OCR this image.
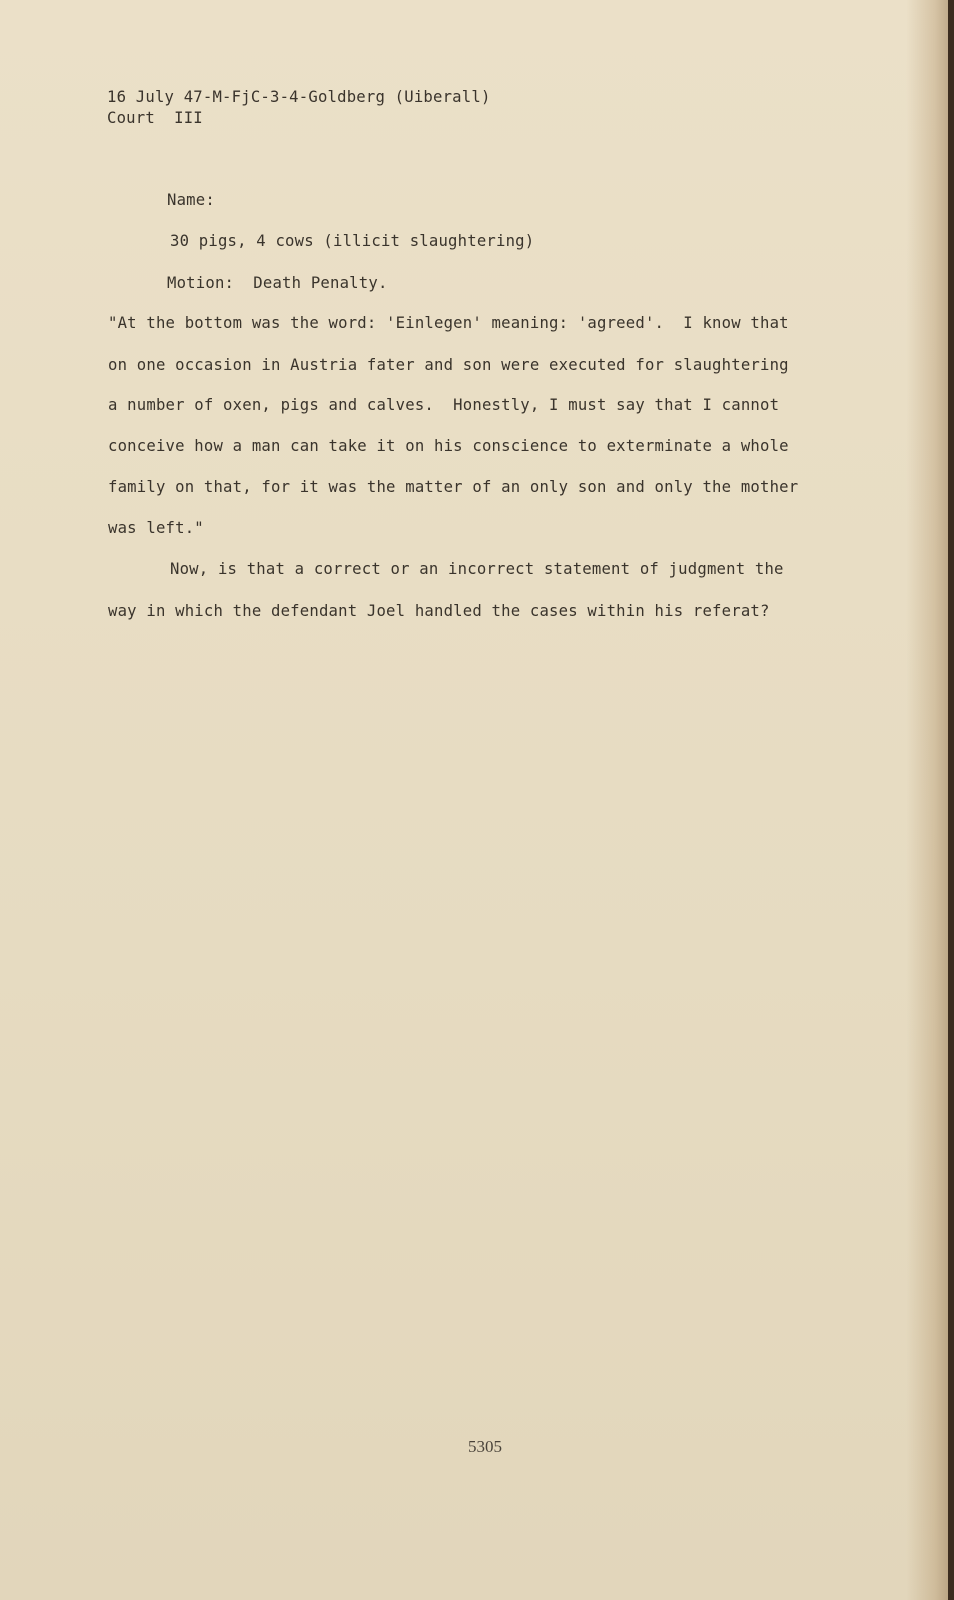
16 July 47-M-FjC-3-4-Goldberg (Uiberall)
Court  III
Name:
30 pigs, 4 cows (illicit slaughtering)
Motion:  Death Penalty.
"At the bottom was the word: 'Einlegen' meaning: 'agreed'.  I know that
on one occasion in Austria fater and son were executed for slaughtering
a number of oxen, pigs and calves.  Honestly, I must say that I cannot
conceive how a man can take it on his conscience to exterminate a whole
family on that, for it was the matter of an only son and only the mother
was left."
Now, is that a correct or an incorrect statement of judgment the
way in which the defendant Joel handled the cases within his referat?
5305
